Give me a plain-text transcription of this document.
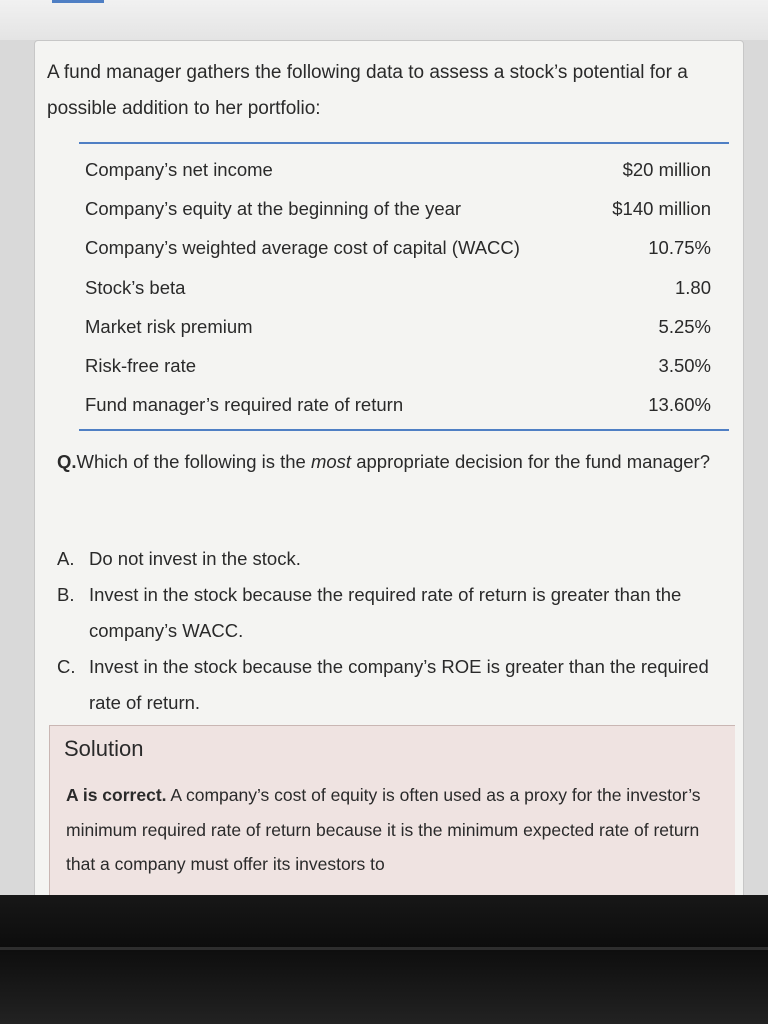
A fund manager gathers the following data to assess a stock’s potential for a possible addition to her portfolio:

Company’s net income	$20 million
Company’s equity at the beginning of the year	$140 million
Company’s weighted average cost of capital (WACC)	10.75%
Stock’s beta	1.80
Market risk premium	5.25%
Risk-free rate	3.50%
Fund manager’s required rate of return	13.60%

Q.Which of the following is the most appropriate decision for the fund manager?

A. Do not invest in the stock.
B. Invest in the stock because the required rate of return is greater than the company’s WACC.
C. Invest in the stock because the company’s ROE is greater than the required rate of return.
Solution

A is correct. A company’s cost of equity is often used as a proxy for the investor’s minimum required rate of return because it is the minimum expected rate of return that a company must offer its investors to
